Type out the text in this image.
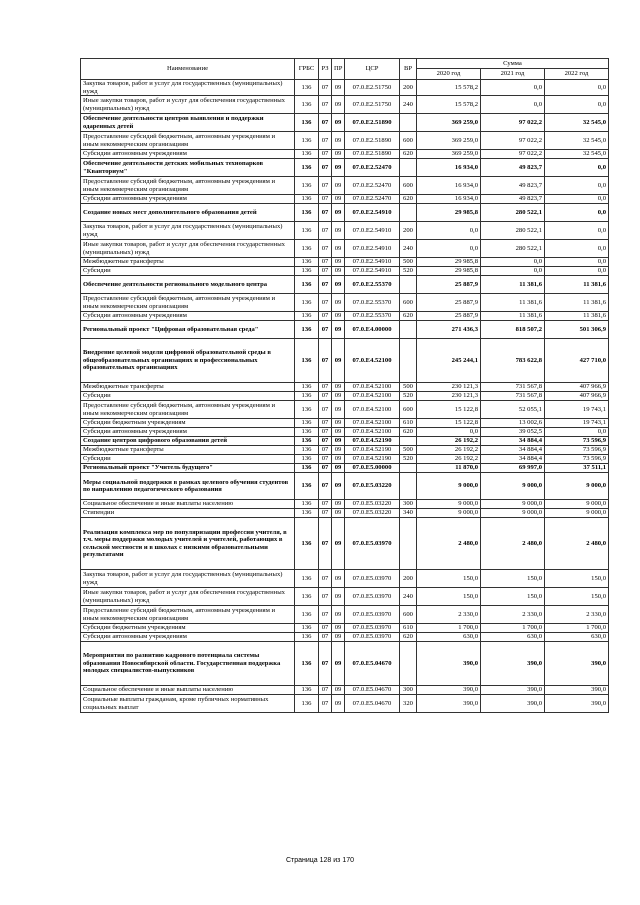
Наименование	ГРБС	РЗ	ПР	ЦСР	ВР	Сумма		
						2020 год	2021 год	2022 год
Закупка товаров, работ и услуг для государственных (муниципальных) нужд	136	07	09	07.0.E2.51750	200	15 578,2	0,0	0,0
Иные закупки товаров, работ и услуг для обеспечения государственных (муниципальных) нужд	136	07	09	07.0.E2.51750	240	15 578,2	0,0	0,0
Обеспечение деятельности центров выявления и поддержки одаренных детей	136	07	09	07.0.E2.51890		369 259,0	97 022,2	32 545,0
Предоставление субсидий бюджетным, автономным учреждениям и иным некоммерческим организациям	136	07	09	07.0.E2.51890	600	369 259,0	97 022,2	32 545,0
Субсидии автономным учреждениям	136	07	09	07.0.E2.51890	620	369 259,0	97 022,2	32 545,0
Обеспечение деятельности детских мобильных технопарков "Кванториум"	136	07	09	07.0.E2.52470		16 934,0	49 823,7	0,0
Предоставление субсидий бюджетным, автономным учреждениям и иным некоммерческим организациям	136	07	09	07.0.E2.52470	600	16 934,0	49 823,7	0,0
Субсидии автономным учреждениям	136	07	09	07.0.E2.52470	620	16 934,0	49 823,7	0,0
Создание новых мест дополнительного образования детей	136	07	09	07.0.E2.54910		29 985,8	280 522,1	0,0
Закупка товаров, работ и услуг для государственных (муниципальных) нужд	136	07	09	07.0.E2.54910	200	0,0	280 522,1	0,0
Иные закупки товаров, работ и услуг для обеспечения государственных (муниципальных) нужд	136	07	09	07.0.E2.54910	240	0,0	280 522,1	0,0
Межбюджетные трансферты	136	07	09	07.0.E2.54910	500	29 985,8	0,0	0,0
Субсидии	136	07	09	07.0.E2.54910	520	29 985,8	0,0	0,0
Обеспечение деятельности регионального модельного центра	136	07	09	07.0.E2.55370		25 887,9	11 381,6	11 381,6
Предоставление субсидий бюджетным, автономным учреждениям и иным некоммерческим организациям	136	07	09	07.0.E2.55370	600	25 887,9	11 381,6	11 381,6
Субсидии автономным учреждениям	136	07	09	07.0.E2.55370	620	25 887,9	11 381,6	11 381,6
Региональный проект "Цифровая образовательная среда"	136	07	09	07.0.E4.00000		271 436,3	818 507,2	501 306,9
Внедрение целевой модели цифровой образовательной среды в общеобразовательных организациях и профессиональных образовательных организациях	136	07	09	07.0.E4.52100		245 244,1	783 622,8	427 710,0
Межбюджетные трансферты	136	07	09	07.0.E4.52100	500	230 121,3	731 567,8	407 966,9
Субсидии	136	07	09	07.0.E4.52100	520	230 121,3	731 567,8	407 966,9
Предоставление субсидий бюджетным, автономным учреждениям и иным некоммерческим организациям	136	07	09	07.0.E4.52100	600	15 122,8	52 055,1	19 743,1
Субсидии бюджетным учреждениям	136	07	09	07.0.E4.52100	610	15 122,8	13 002,6	19 743,1
Субсидии автономным учреждениям	136	07	09	07.0.E4.52100	620	0,0	39 052,5	0,0
Создание центров цифрового образования детей	136	07	09	07.0.E4.52190		26 192,2	34 884,4	73 596,9
Межбюджетные трансферты	136	07	09	07.0.E4.52190	500	26 192,2	34 884,4	73 596,9
Субсидии	136	07	09	07.0.E4.52190	520	26 192,2	34 884,4	73 596,9
Региональный проект "Учитель будущего"	136	07	09	07.0.E5.00000		11 870,0	69 997,0	37 511,1
Меры социальной поддержки в рамках целевого обучения студентов по направлению педагогического образования	136	07	09	07.0.E5.03220		9 000,0	9 000,0	9 000,0
Социальное обеспечение и иные выплаты населению	136	07	09	07.0.E5.03220	300	9 000,0	9 000,0	9 000,0
Стипендии	136	07	09	07.0.E5.03220	340	9 000,0	9 000,0	9 000,0
Реализация комплекса мер по популяризации профессии учителя, в т.ч. меры поддержки молодых учителей и учителей, работающих в сельской местности и в школах с низкими образовательными результатами	136	07	09	07.0.E5.03970		2 480,0	2 480,0	2 480,0
Закупка товаров, работ и услуг для государственных (муниципальных) нужд	136	07	09	07.0.E5.03970	200	150,0	150,0	150,0
Иные закупки товаров, работ и услуг для обеспечения государственных (муниципальных) нужд	136	07	09	07.0.E5.03970	240	150,0	150,0	150,0
Предоставление субсидий бюджетным, автономным учреждениям и иным некоммерческим организациям	136	07	09	07.0.E5.03970	600	2 330,0	2 330,0	2 330,0
Субсидии бюджетным учреждениям	136	07	09	07.0.E5.03970	610	1 700,0	1 700,0	1 700,0
Субсидии автономным учреждениям	136	07	09	07.0.E5.03970	620	630,0	630,0	630,0
Мероприятия по развитию кадрового потенциала системы образования Новосибирской области. Государственная поддержка молодых специалистов-выпускников	136	07	09	07.0.E5.04670		390,0	390,0	390,0
Социальное обеспечение и иные выплаты населению	136	07	09	07.0.E5.04670	300	390,0	390,0	390,0
Социальные выплаты гражданам, кроме публичных нормативных социальных выплат	136	07	09	07.0.E5.04670	320	390,0	390,0	390,0
Страница 128 из 170
